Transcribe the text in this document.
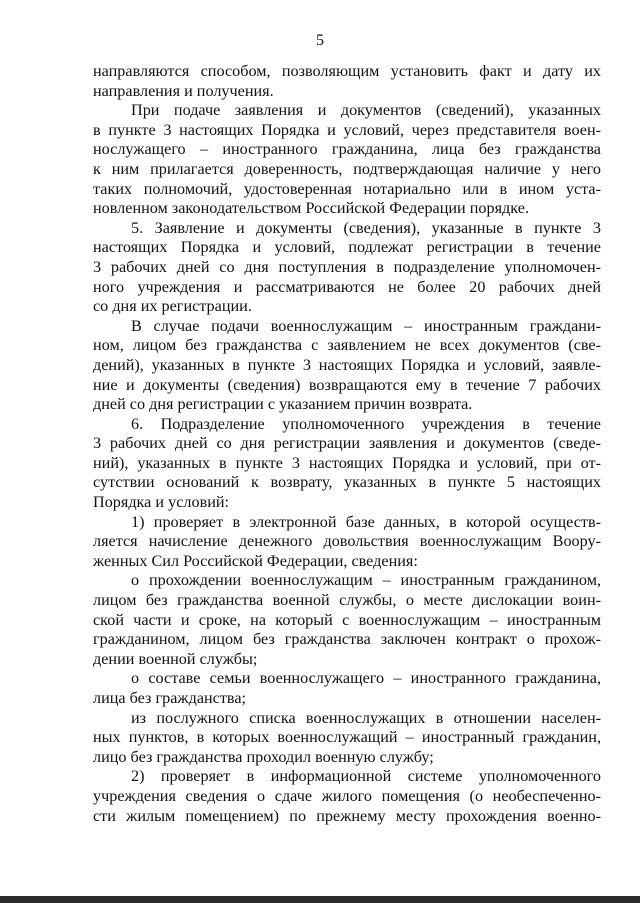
5
направляются способом, позволяющим установить факт и дату их
направления и получения.
При подаче заявления и документов (сведений), указанных
в пункте 3 настоящих Порядка и условий, через представителя воен-
нослужащего – иностранного гражданина, лица без гражданства
к ним прилагается доверенность, подтверждающая наличие у него
таких полномочий, удостоверенная нотариально или в ином уста-
новленном законодательством Российской Федерации порядке.
5. Заявление и документы (сведения), указанные в пункте 3
настоящих Порядка и условий, подлежат регистрации в течение
3 рабочих дней со дня поступления в подразделение уполномочен-
ного учреждения и рассматриваются не более 20 рабочих дней
со дня их регистрации.
В случае подачи военнослужащим – иностранным граждани-
ном, лицом без гражданства с заявлением не всех документов (све-
дений), указанных в пункте 3 настоящих Порядка и условий, заявле-
ние и документы (сведения) возвращаются ему в течение 7 рабочих
дней со дня регистрации с указанием причин возврата.
6. Подразделение уполномоченного учреждения в течение
3 рабочих дней со дня регистрации заявления и документов (сведе-
ний), указанных в пункте 3 настоящих Порядка и условий, при от-
сутствии оснований к возврату, указанных в пункте 5 настоящих
Порядка и условий:
1) проверяет в электронной базе данных, в которой осуществ-
ляется начисление денежного довольствия военнослужащим Воору-
женных Сил Российской Федерации, сведения:
о прохождении военнослужащим – иностранным гражданином,
лицом без гражданства военной службы, о месте дислокации воин-
ской части и сроке, на который с военнослужащим – иностранным
гражданином, лицом без гражданства заключен контракт о прохож-
дении военной службы;
о составе семьи военнослужащего – иностранного гражданина,
лица без гражданства;
из послужного списка военнослужащих в отношении населен-
ных пунктов, в которых военнослужащий – иностранный гражданин,
лицо без гражданства проходил военную службу;
2) проверяет в информационной системе уполномоченного
учреждения сведения о сдаче жилого помещения (о необеспеченно-
сти жилым помещением) по прежнему месту прохождения военно-
